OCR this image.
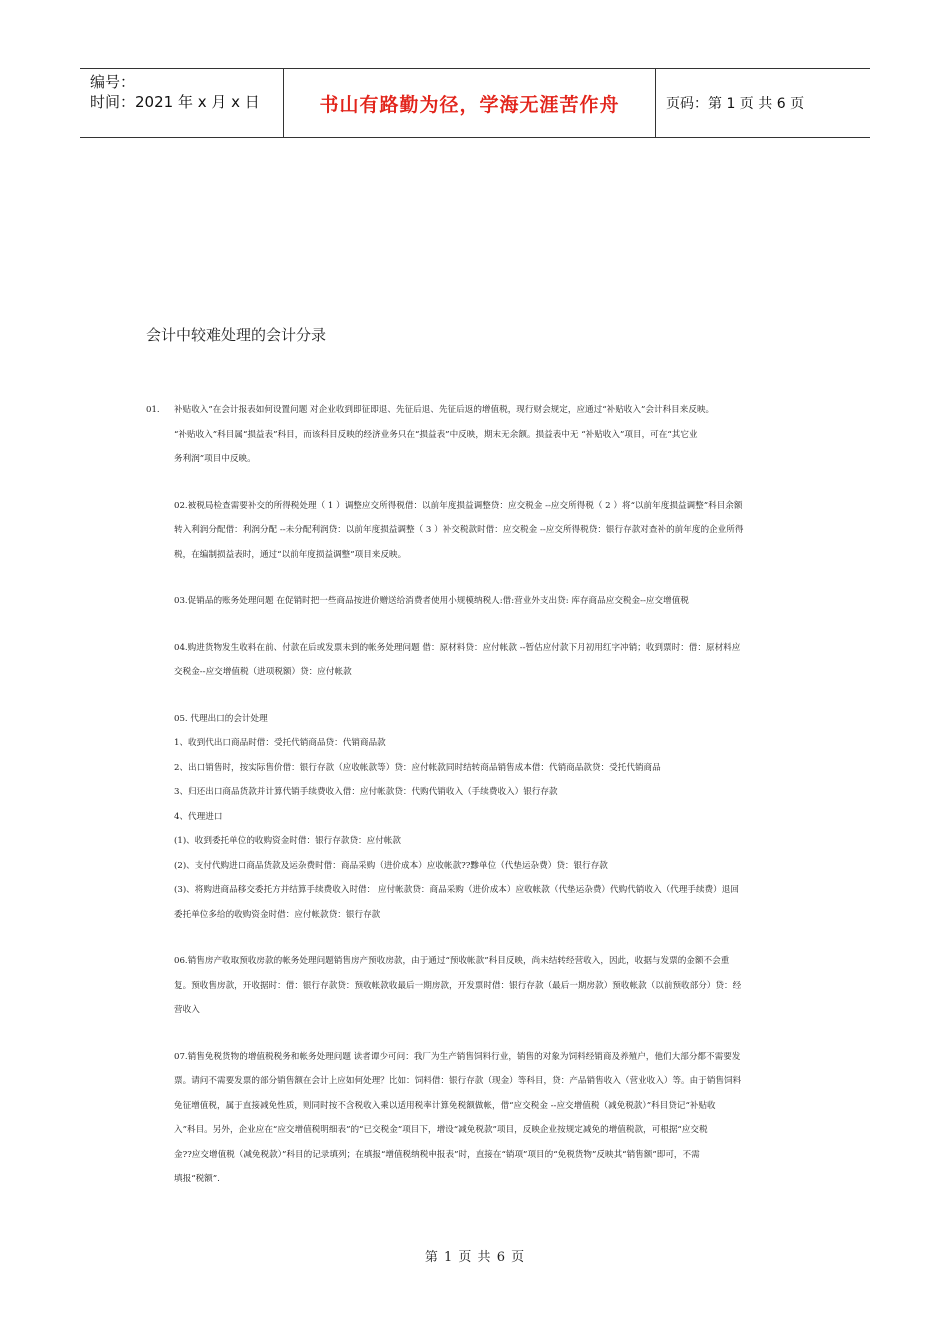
编号：
时间：2021 年 x 月 x 日	书山有路勤为径，学海无涯苦作舟	页码：第 1 页 共 6 页
会计中较难处理的会计分录

01. 补贴收入”在会计报表如何设置问题 对企业收到即征即退、先征后退、先征后返的增值税，现行财会规定，应通过“补贴收入”会计科目来反映。

“补贴收入”科目属“损益表”科目，而该科目反映的经济业务只在“损益表”中反映，期末无余额。损益表中无 “补贴收入”项目，可在“其它业

务利润”项目中反映。

02.被税局检查需要补交的所得税处理（ 1 ）调整应交所得税借：以前年度损益调整贷：应交税金 --应交所得税（ 2 ）将“以前年度损益调整”科目余额

转入利润分配借：利润分配 --未分配利润贷：以前年度损益调整（ 3 ）补交税款时借：应交税金 --应交所得税贷：银行存款对查补的前年度的企业所得

税，在编制损益表时，通过“以前年度损益调整”项目来反映。

03.促销品的账务处理问题 在促销时把一些商品按进价赠送给消费者使用小规模纳税人:借:营业外支出贷: 库存商品应交税金--应交增值税

04.购进货物发生收料在前、付款在后或发票未到的帐务处理问题 借：原材料贷：应付帐款 --暂估应付款下月初用红字冲销；收到票时：借：原材料应

交税金--应交增值税（进项税额）贷：应付帐款

05. 代理出口的会计处理

1、收到代出口商品时借：受托代销商品贷：代销商品款

2、出口销售时，按实际售价借：银行存款（应收帐款等）贷：应付帐款同时结转商品销售成本借：代销商品款贷：受托代销商品

3、归还出口商品货款并计算代销手续费收入借：应付帐款贷：代购代销收入（手续费收入）银行存款

4、代理进口

(1)、收到委托单位的收购资金时借：银行存款贷：应付帐款

(2)、支付代购进口商品货款及运杂费时借：商品采购（进价成本）应收帐款??黪单位（代垫运杂费）贷：银行存款

(3)、将购进商品移交委托方并结算手续费收入时借： 应付帐款贷：商品采购（进价成本）应收帐款（代垫运杂费）代购代销收入（代理手续费）退回

委托单位多给的收购资金时借：应付帐款贷：银行存款

06.销售房产收取预收房款的帐务处理问题销售房产预收房款，由于通过“预收帐款”科目反映，尚未结转经营收入，因此，收据与发票的金额不会重

复。预收售房款，开收据时：借：银行存款贷：预收帐款收最后一期房款，开发票时借：银行存款（最后一期房款）预收帐款（以前预收部分）贷：经

营收入

07.销售免税货物的增值税税务和帐务处理问题 读者谭少可问：我厂为生产销售饲料行业，销售的对象为饲料经销商及养殖户，他们大部分都不需要发

票。请问不需要发票的部分销售额在会计上应如何处理？比如：饲料借：银行存款（现金）等科目，贷：产品销售收入（营业收入）等。由于销售饲料

免征增值税，属于直接减免性质，则同时按不含税收入乘以适用税率计算免税额做帐，借“应交税金 --应交增值税（减免税款）”科目贷记“补贴收

入”科目。另外，企业应在“应交增值税明细表”的“已交税金”项目下，增设“减免税款”项目，反映企业按规定减免的增值税款，可根据“应交税

金??应交增值税（减免税款）”科目的记录填列；在填报“增值税纳税申报表”时，直接在“销项”项目的“免税货物”反映其“销售额”即可，不需

填报“税额”.

第 1 页 共 6 页
